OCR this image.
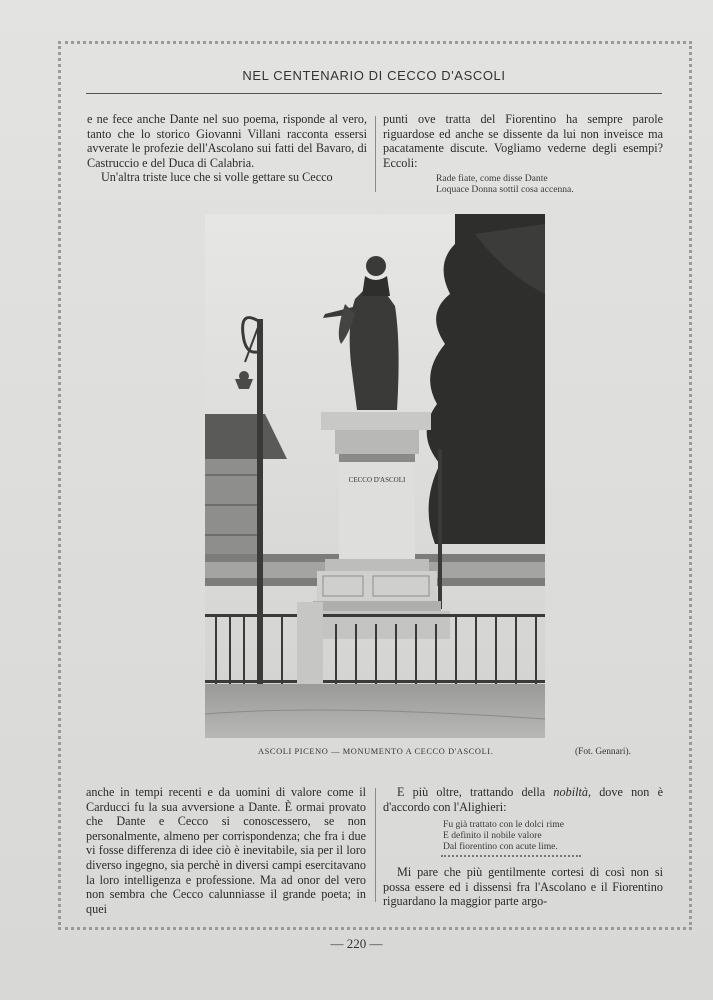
NEL CENTENARIO DI CECCO D'ASCOLI

e ne fece anche Dante nel suo poema, risponde al vero, tanto che lo storico Giovanni Villani racconta essersi avverate le profezie dell'Ascolano sui fatti del Bavaro, di Castruccio e del Duca di Calabria.

Un'altra triste luce che si volle gettare su Cecco

punti ove tratta del Fiorentino ha sempre parole riguardose ed anche se dissente da lui non inveisce ma pacatamente discute. Vogliamo vederne degli esempi? Eccoli:

Rade fiate, come disse Dante
Loquace Donna sottil cosa accenna.
CECCO D'ASCOLI
ASCOLI PICENO — MONUMENTO A CECCO D'ASCOLI.	(Fot. Gennari).

anche in tempi recenti e da uomini di valore come il Carducci fu la sua avversione a Dante. È ormai provato che Dante e Cecco si conoscessero, se non personalmente, almeno per corrispondenza; che fra i due vi fosse differenza di idee ciò è inevitabile, sia per il loro diverso ingegno, sia perchè in diversi campi esercitavano la loro intelligenza e professione. Ma ad onor del vero non sembra che Cecco calunniasse il grande poeta; in quei

E più oltre, trattando della nobiltà, dove non è d'accordo con l'Alighieri:

Fu già trattato con le dolci rime
E definito il nobile valore
Dal fiorentino con acute lime.

Mi pare che più gentilmente cortesi di così non si possa essere ed i dissensi fra l'Ascolano e il Fiorentino riguardano la maggior parte argo-

— 220 —
